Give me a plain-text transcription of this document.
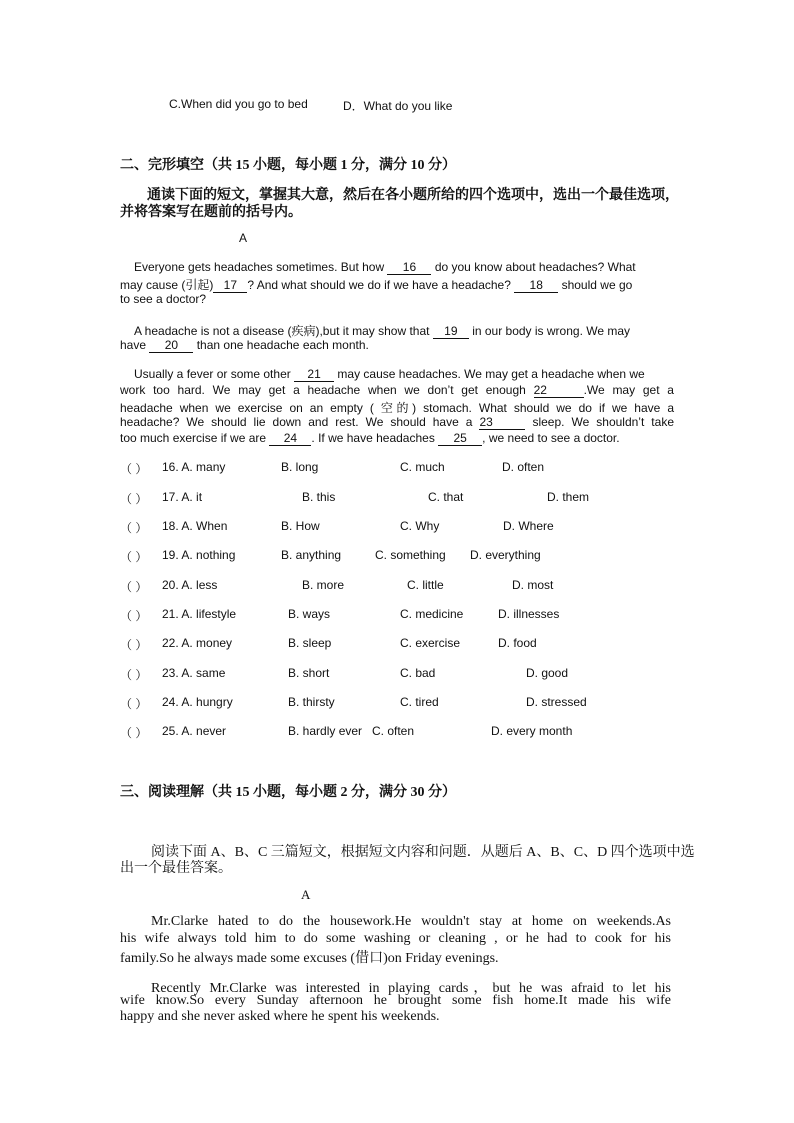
C.When did you go to bed	D．What do you like
二、完形填空（共 15 小题，每小题 1 分，满分 10 分）
通读下面的短文，掌握其大意，然后在各小题所给的四个选项中，选出一个最佳选项，
并将答案写在题前的括号内。
A
Everyone gets headaches sometimes. But how 16 do you know about headaches? What
may cause (引起) 17 ? And what should we do if we have a headache? 18 should we go
to see a doctor?
A headache is not a disease (疾病),but it may show that 19 in our body is wrong. We may
have 20 than one headache each month.
Usually a fever or some other 21 may cause headaches. We may get a headache when we
work too hard. We may get a headache when we don’t get enough 22	.We may get a
headache when we exercise on an empty ( 空的) stomach. What should we do if we have a
headache? We should lie down and rest. We should have a 23	sleep. We shouldn’t take
too much exercise if we are 24 . If we have headaches 25 , we need to see a doctor.
（ ） 16. A. many	B. long	C. much	D. often
（ ） 17. A. it	B. this	C. that	D. them
（ ） 18. A. When	B. How	C. Why	D. Where
（ ） 19. A. nothing	B. anything	C. something D. everything
（ ） 20. A. less	B. more	C. little	D. most
（ ） 21. A. lifestyle	B. ways	C. medicine	D. illnesses
（ ） 22. A. money	B. sleep	C. exercise	D. food
（ ） 23. A. same	B. short	C. bad	D. good
（ ） 24. A. hungry	B. thirsty	C. tired	D. stressed
（ ） 25. A. never	B. hardly ever C. often	D. every month
三、阅读理解（共 15 小题，每小题 2 分，满分 30 分）
阅读下面 A、B、C 三篇短文，根据短文内容和问题．从题后 A、B、C、D 四个选项中选
出一个最佳答案。
A
Mr.Clarke hated to do the housework.He wouldn't stay at home on weekends.As
his wife always told him to do some washing or cleaning , or he had to cook for his
family.So he always made some excuses (借口)on Friday evenings.
Recently Mr.Clarke was interested in playing cards，but he was afraid to let his
wife know.So every Sunday afternoon he brought some fish home.It made his wife
happy and she never asked where he spent his weekends.
